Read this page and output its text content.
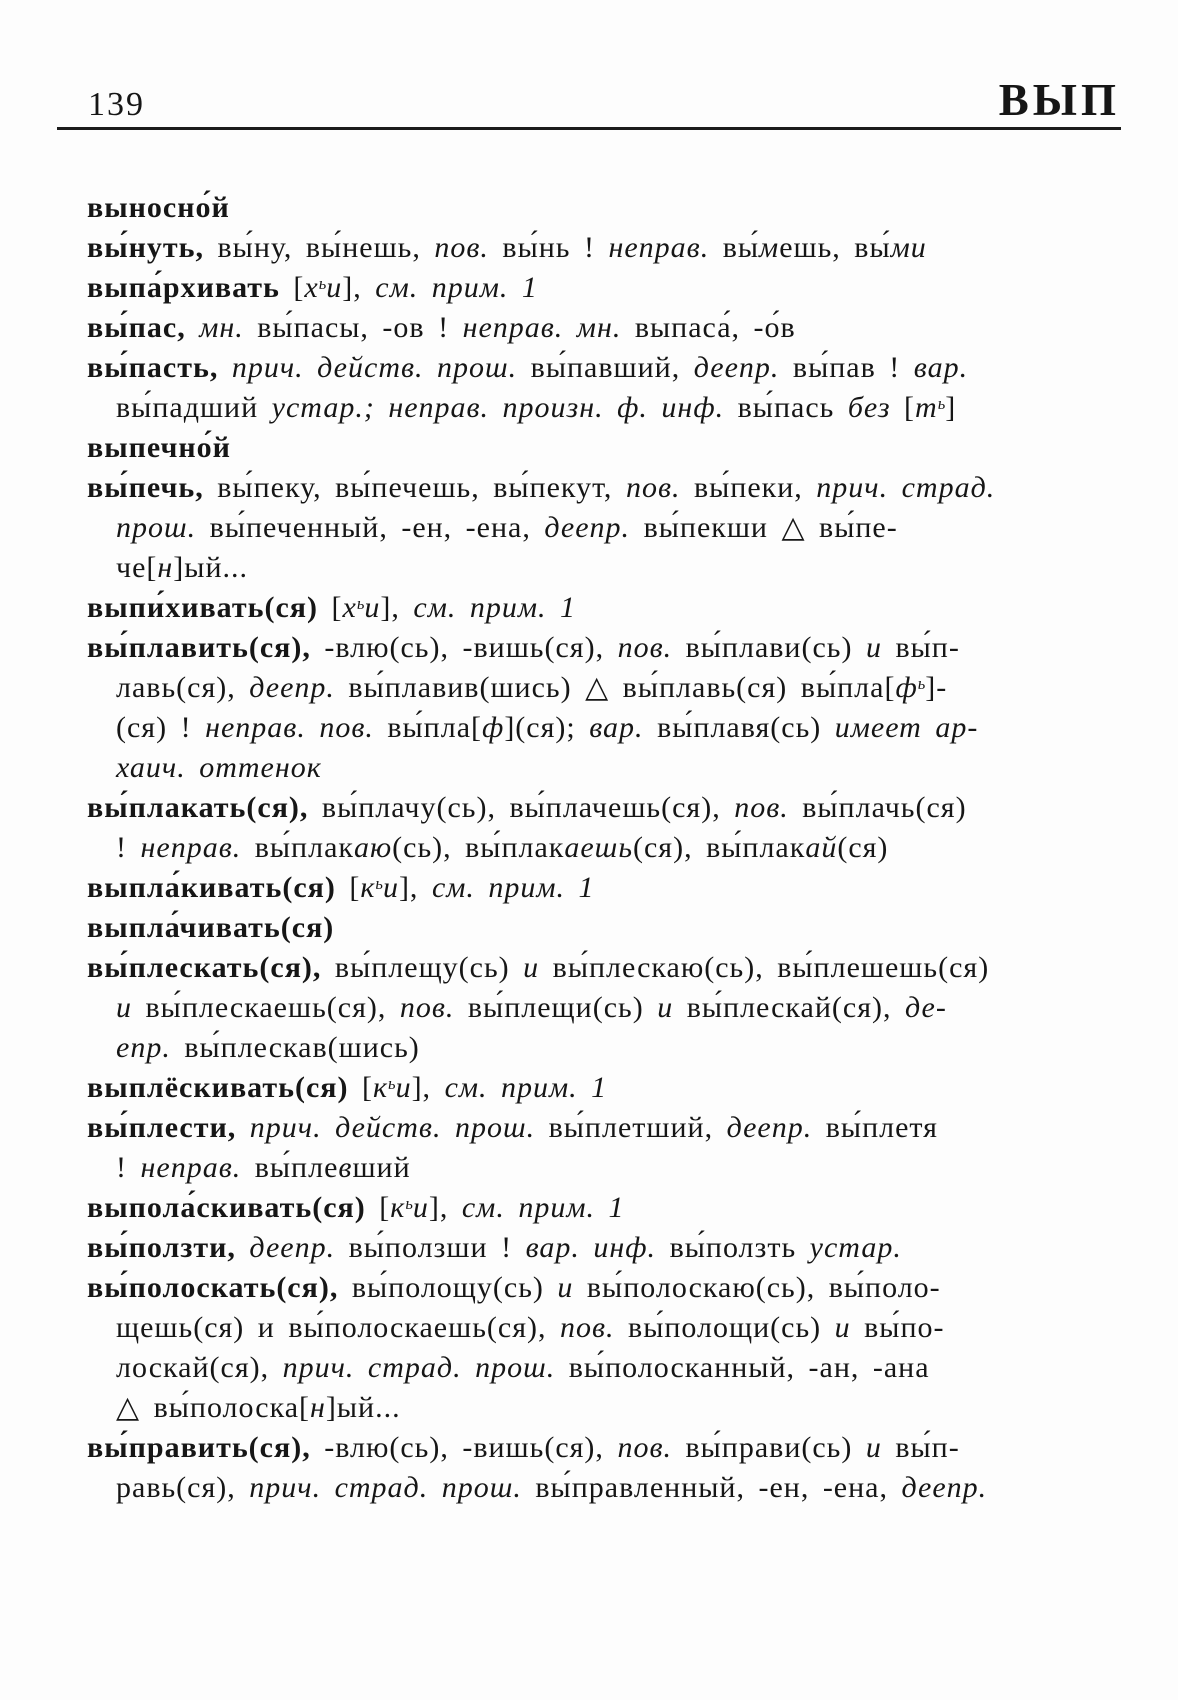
139	ВЫП
выносно́й
вы́нуть, вы́ну, вы́нешь, пов. вы́нь ! неправ. вы́мешь, вы́ми
выпа́рхивать $[х^ьи]$, см. прим. 1
вы́пас, мн. вы́пасы, -ов ! неправ. мн. выпаса́, -о́в
вы́пасть, прич. действ. прош. вы́павший, деепр. вы́пав ! вар.
вы́падший устар.; неправ. произн. ф. инф. вы́пась без $[т^ь]$
выпечно́й
вы́печь, вы́пеку, вы́печешь, вы́пекут, пов. вы́пеки, прич. страд.
прош. вы́печенный, -ен, -ена, деепр. вы́пекши △ вы́пе-
че[н]ый...
выпи́хивать(ся) $[х^ьи]$, см. прим. 1
вы́плавить(ся), -влю(сь), -вишь(ся), пов. вы́плави(сь) и вы́п-
лавь(ся), деепр. вы́плавив(шись) △ вы́плавь(ся) $вы́пла[ф^ь]-$
(ся) ! неправ. пов. вы́пла[ф](ся); вар. вы́плавя(сь) имеет ар-
хаич. оттенок
вы́плакать(ся), вы́плачу(сь), вы́плачешь(ся), пов. вы́плачь(ся)
! неправ. вы́плакаю(сь), вы́плакаешь(ся), вы́плакай(ся)
выпла́кивать(ся) $[к^ьи]$, см. прим. 1
выпла́чивать(ся)
вы́плескать(ся), вы́плещу(сь) и вы́плескаю(сь), вы́плешешь(ся)
и вы́плескаешь(ся), пов. вы́плещи(сь) и вы́плескай(ся), де-
епр. вы́плескав(шись)
выплёскивать(ся) $[к^ьи]$, см. прим. 1
вы́плести, прич. действ. прош. вы́плетший, деепр. вы́плетя
! неправ. вы́плевший
выпола́скивать(ся) $[к^ьи]$, см. прим. 1
вы́ползти, деепр. вы́ползши ! вар. инф. вы́ползть устар.
вы́полоскать(ся), вы́полощу(сь) и вы́полоскаю(сь), вы́поло-
щешь(ся) и вы́полоскаешь(ся), пов. вы́полощи(сь) и вы́по-
лоскай(ся), прич. страд. прош. вы́полосканный, -ан, -ана
△ вы́полоска[н]ый...
вы́править(ся), -влю(сь), -вишь(ся), пов. вы́прави(сь) и вы́п-
равь(ся), прич. страд. прош. вы́правленный, -ен, -ена, деепр.
